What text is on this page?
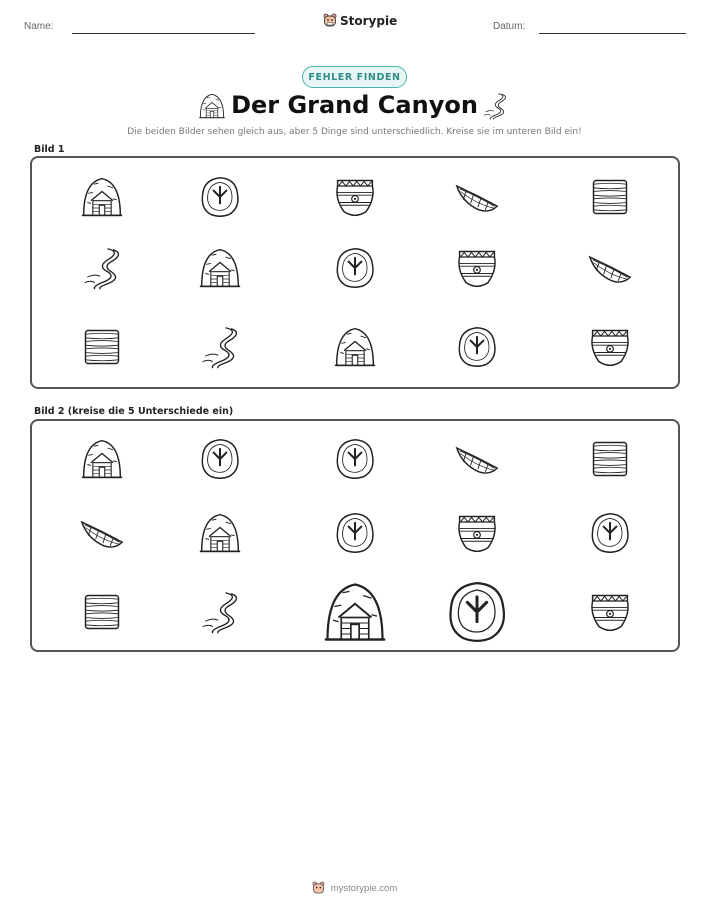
Name:	Storypie	Datum:
FEHLER FINDEN
Der Grand Canyon
Die beiden Bilder sehen gleich aus, aber 5 Dinge sind unterschiedlich. Kreise sie im unteren Bild ein!
Bild 1
Bild 2 (kreise die 5 Unterschiede ein)
mystorypie.com
